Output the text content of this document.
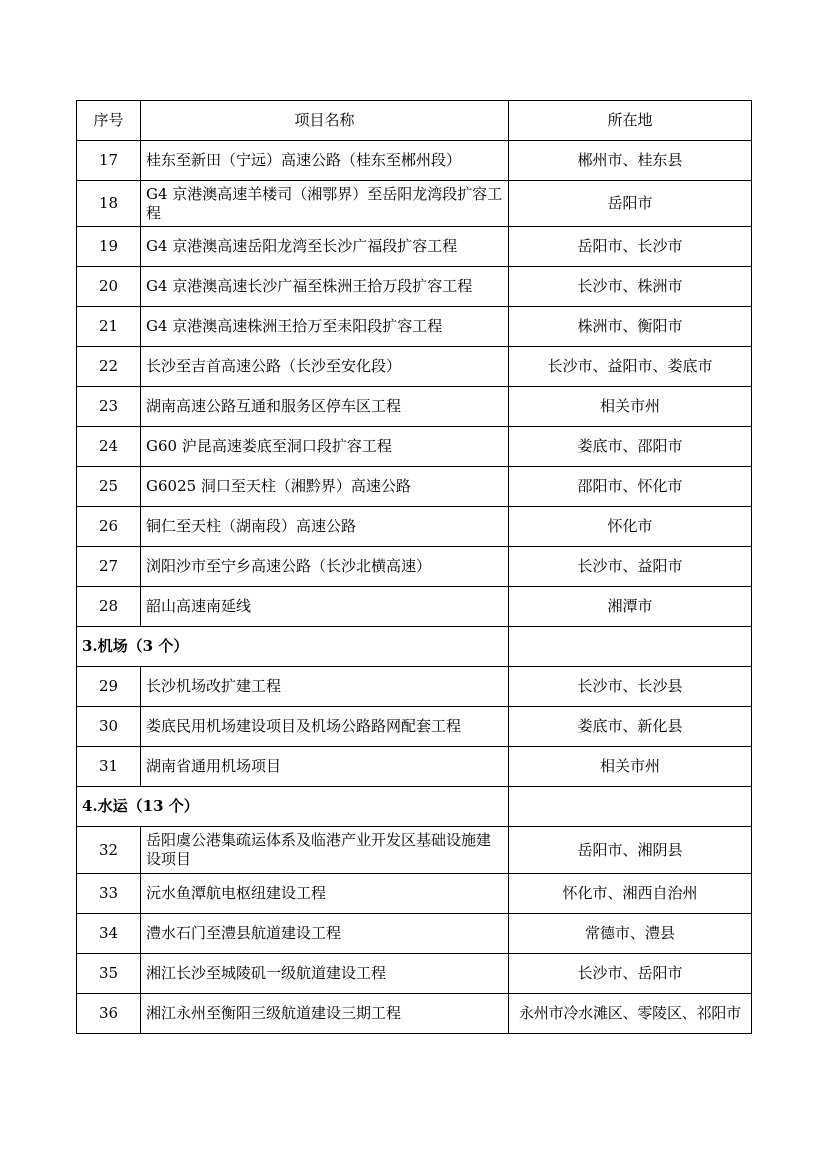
序号	项目名称	所在地
17	桂东至新田（宁远）高速公路（桂东至郴州段）	郴州市、桂东县
18	G4 京港澳高速羊楼司（湘鄂界）至岳阳龙湾段扩容工程	岳阳市
19	G4 京港澳高速岳阳龙湾至长沙广福段扩容工程	岳阳市、长沙市
20	G4 京港澳高速长沙广福至株洲王拾万段扩容工程	长沙市、株洲市
21	G4 京港澳高速株洲王拾万至耒阳段扩容工程	株洲市、衡阳市
22	长沙至吉首高速公路（长沙至安化段）	长沙市、益阳市、娄底市
23	湖南高速公路互通和服务区停车区工程	相关市州
24	G60 沪昆高速娄底至洞口段扩容工程	娄底市、邵阳市
25	G6025 洞口至天柱（湘黔界）高速公路	邵阳市、怀化市
26	铜仁至天柱（湖南段）高速公路	怀化市
27	浏阳沙市至宁乡高速公路（长沙北横高速）	长沙市、益阳市
28	韶山高速南延线	湘潭市
3.机场（3 个）		
29	长沙机场改扩建工程	长沙市、长沙县
30	娄底民用机场建设项目及机场公路路网配套工程	娄底市、新化县
31	湖南省通用机场项目	相关市州
4.水运（13 个）		
32	岳阳虞公港集疏运体系及临港产业开发区基础设施建设项目	岳阳市、湘阴县
33	沅水鱼潭航电枢纽建设工程	怀化市、湘西自治州
34	澧水石门至澧县航道建设工程	常德市、澧县
35	湘江长沙至城陵矶一级航道建设工程	长沙市、岳阳市
36	湘江永州至衡阳三级航道建设三期工程	永州市冷水滩区、零陵区、祁阳市
